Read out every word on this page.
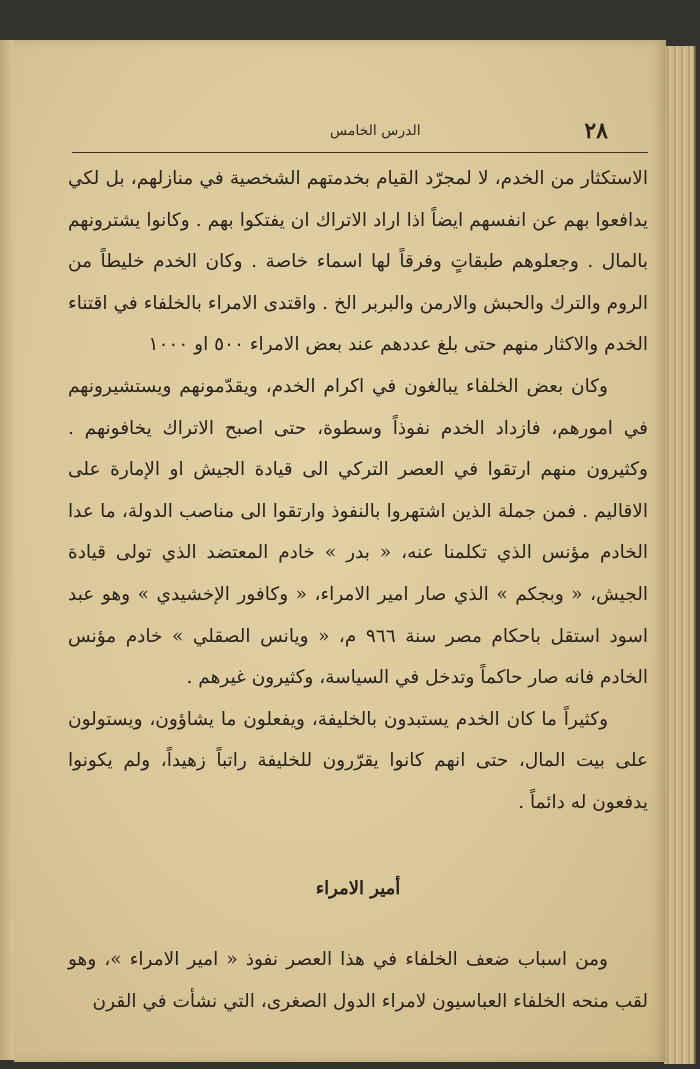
الدرس الخامس	٢٨

الاستكثار من الخدم، لا لمجرّد القيام بخدمتهم الشخصية في منازلهم، بل لكي يدافعوا بهم عن انفسهم ايضاً اذا اراد الاتراك ان يفتكوا بهم . وكانوا يشترونهم بالمال . وجعلوهم طبقاتٍ وفرقاً لها اسماء خاصة . وكان الخدم خليطاً من الروم والترك والحبش والارمن والبربر الخ . واقتدى الامراء بالخلفاء في اقتناء الخدم والاكثار منهم حتى بلغ عددهم عند بعض الامراء ٥٠٠ او ١٠٠٠

وكان بعض الخلفاء يبالغون في اكرام الخدم، ويقدّمونهم ويستشيرونهم في امورهم، فازداد الخدم نفوذاً وسطوة، حتى اصبح الاتراك يخافونهم . وكثيرون منهم ارتقوا في العصر التركي الى قيادة الجيش او الإمارة على الاقاليم . فمن جملة الذين اشتهروا بالنفوذ وارتقوا الى مناصب الدولة، ما عدا الخادم مؤنس الذي تكلمنا عنه، « بدر » خادم المعتضد الذي تولى قيادة الجيش، « وبجكم » الذي صار امير الامراء، « وكافور الإخشيدي » وهو عبد اسود استقل باحكام مصر سنة ٩٦٦ م، « ويانس الصقلي » خادم مؤنس الخادم فانه صار حاكماً وتدخل في السياسة، وكثيرون غيرهم .

وكثيراً ما كان الخدم يستبدون بالخليفة، ويفعلون ما يشاؤون، ويستولون على بيت المال، حتى انهم كانوا يقرّرون للخليفة راتباً زهيداً، ولم يكونوا يدفعون له دائماً .

أمير الامراء

ومن اسباب ضعف الخلفاء في هذا العصر نفوذ « امير الامراء »، وهو لقب منحه الخلفاء العباسيون لامراء الدول الصغرى، التي نشأت في القرن
